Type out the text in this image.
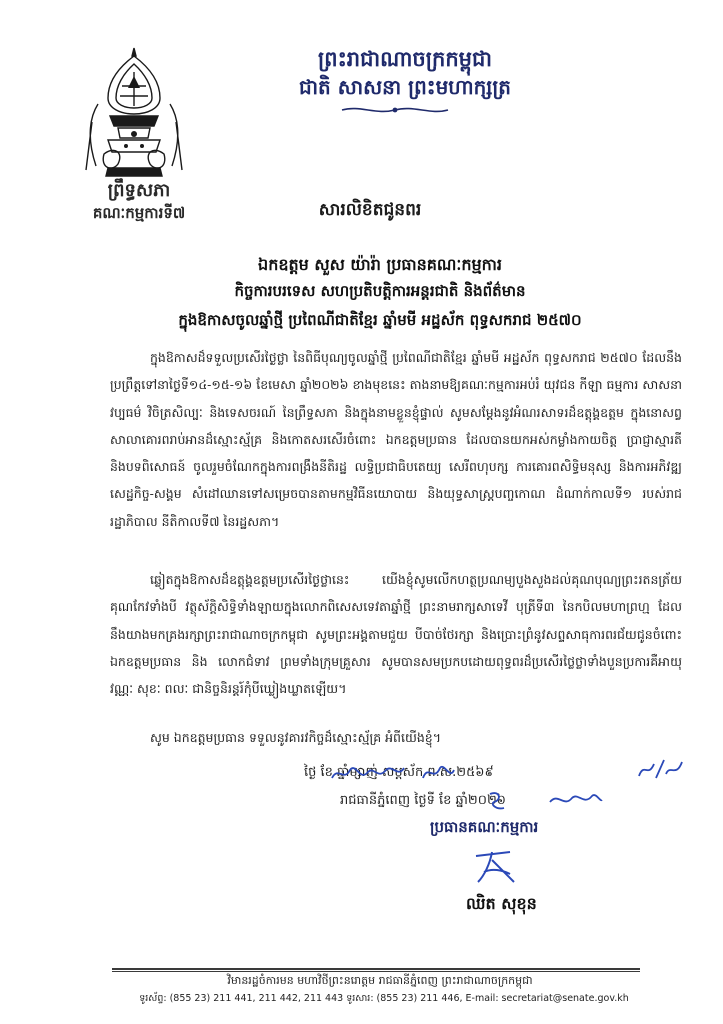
ព្រះរាជាណាចក្រកម្ពុជា
ជាតិ សាសនា ព្រះមហាក្សត្រ
ព្រឹទ្ធសភា
គណៈកម្មការទី៧	សារលិខិតជូនពរ
ឯកឧត្តម សួស យ៉ារ៉ា ប្រធានគណៈកម្មការ
កិច្ចការបរទេស សហប្រតិបត្តិការអន្តរជាតិ និងព័ត៌មាន
ក្នុងឱកាសចូលឆ្នាំថ្មី ប្រពៃណីជាតិខ្មែរ ឆ្នាំមមី អដ្ឋស័ក ពុទ្ធសករាជ ២៥៧០
ក្នុងឱកាសដ៏ទទួលប្រសើរថ្ងៃថ្លា នៃពិធីបុណ្យចូលឆ្នាំថ្មី ប្រពៃណីជាតិខ្មែរ ឆ្នាំមមី អដ្ឋស័ក ពុទ្ធសករាជ ២៥៧០ ដែលនឹងប្រព្រឹត្តទៅនាថ្ងៃទី១៤-១៥-១៦ ខែមេសា ឆ្នាំ២០២៦ ខាងមុខនេះ តាងនាមឱ្យគណៈកម្មការអប់រំ យុវជន កីឡា ធម្មការ សាសនា វប្បធម៌ វិចិត្រសិល្បៈ និងទេសចរណ៍ នៃព្រឹទ្ធសភា និងក្នុងនាមខ្លួនខ្ញុំផ្ទាល់ សូមសម្ដែងនូវអំណរសាទរដ៏ឧត្តុង្គឧត្តម ក្នុងនោសព្វសាលាគោរពរាប់អានដ៏ស្មោះស្ម័គ្រ និងកោតសរសើរចំពោះ ឯកឧត្តមប្រធាន ដែលបានយកអស់កម្លាំងកាយចិត្ត ប្រាជ្ញាស្មារតី និងបទពិសោធន៍ ចូលរួមចំណែកក្នុងការពង្រឹងនីតិរដ្ឋ លទ្ធិប្រជាធិបតេយ្យ សេរីពហុបក្ស ការគោរពសិទ្ធិមនុស្ស និងការអភិវឌ្ឍសេដ្ឋកិច្ច-សង្គម សំដៅឈានទៅសម្រេចបានតាមកម្មវិធីនយោបាយ និងយុទ្ធសាស្ត្របញ្ចកោណ ដំណាក់កាលទី១ របស់រាជរដ្ឋាភិបាល នីតិកាលទី៧ នៃរដ្ឋសភា។
ឆ្លៀតក្នុងឱកាសដ៏ឧត្តុង្គឧត្តមប្រសើរថ្ងៃថ្លានេះ យើងខ្ញុំសូមលើកហត្ថប្រណម្យបួងសួងដល់គុណបុណ្យព្រះរតនត្រ័យគុណកែវទាំងបី វត្ថុស័ក្តិសិទ្ធិទាំងឡាយក្នុងលោកពិសេសទេវតាឆ្នាំថ្មី ព្រះនាមរាក្សសាទេវី បុត្រីទី៣ នៃកបិលមហាព្រហ្ម ដែលនឹងយាងមកគ្រងរក្សាព្រះរាជាណាចក្រកម្ពុជា សូមព្រះអង្គតាមជួយ បីបាច់ថែរក្សា និងប្រោះព្រំនូវសព្ទសាធុការពរជ័យជូនចំពោះ ឯកឧត្តមប្រធាន និង លោកជំទាវ ព្រមទាំងក្រុមគ្រួសារ សូមបានសមប្រកបដោយពុទ្ធពរដ៏ប្រសើរថ្លៃថ្លាទាំងបួនប្រការគឺអាយុ វណ្ណៈ សុខៈ ពលៈ ជានិច្ចនិរន្តរ៍កុំបីឃ្លៀងឃ្លាតឡើយ។
សូម ឯកឧត្តមប្រធាន ទទួលនូវគារវកិច្ចដ៏ស្មោះស្ម័គ្រ អំពីយើងខ្ញុំ។
ថ្ងៃ ខែ ឆ្នាំម្សាញ់ សប្តស័ក ព.ស.២៥៦៩
រាជធានីភ្នំពេញ ថ្ងៃទី ខែ ឆ្នាំ២០២៦
ប្រធានគណៈកម្មការ
ឈិត សុខុន
វិមានរដ្ឋចំការមន មហាវិថីព្រះនរោត្តម រាជធានីភ្នំពេញ ព្រះរាជាណាចក្រកម្ពុជា
ទូរស័ព្ទ: (855 23) 211 441, 211 442, 211 443 ទូរសារ: (855 23) 211 446, E-mail: secretariat@senate.gov.kh
